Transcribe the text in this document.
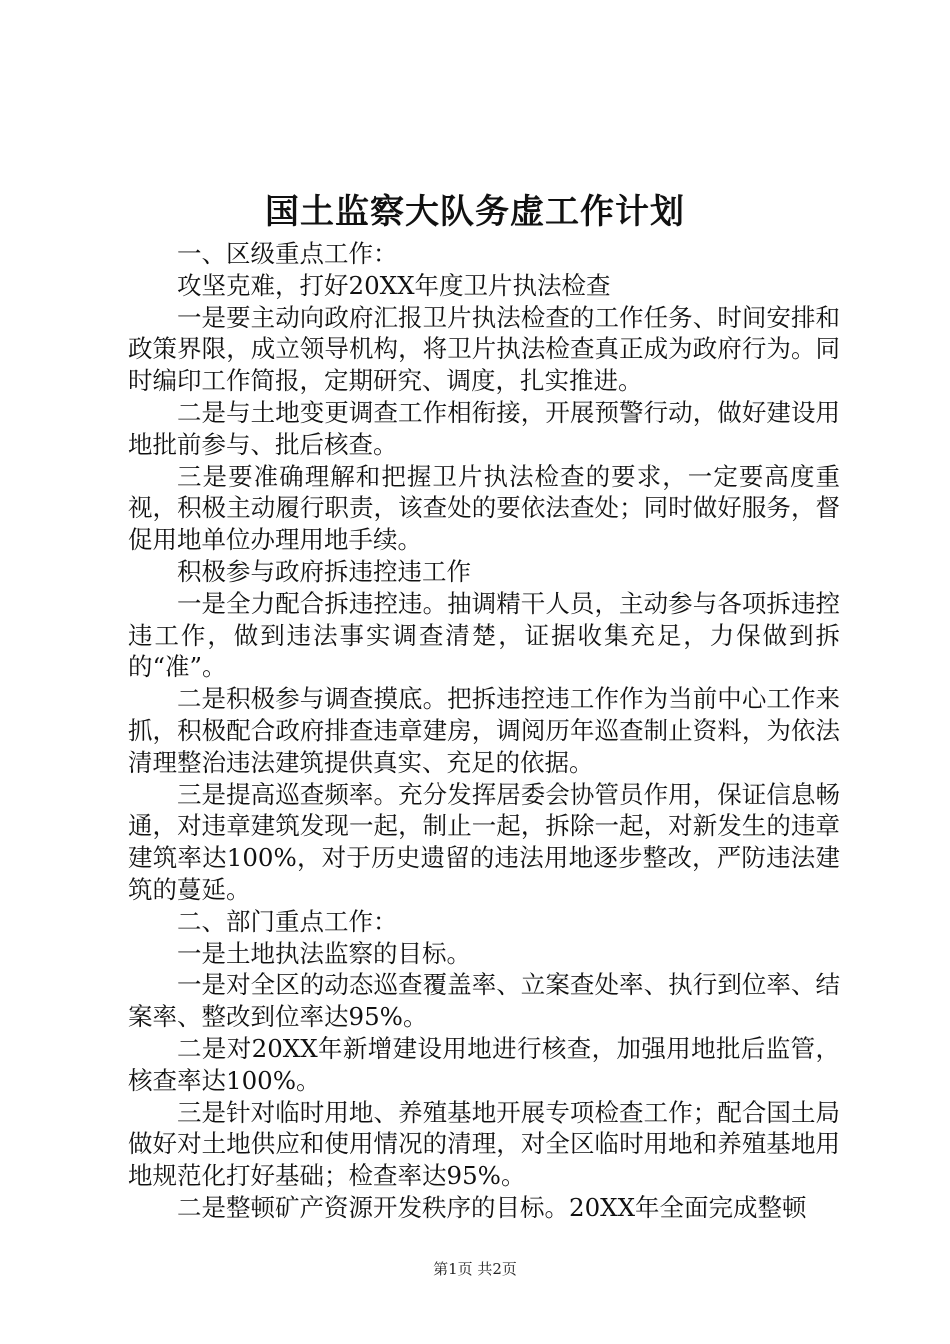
国土监察大队务虚工作计划

一、区级重点工作：

攻坚克难，打好20XX年度卫片执法检查

一是要主动向政府汇报卫片执法检查的工作任务、时间安排和政策界限，成立领导机构，将卫片执法检查真正成为政府行为。同时编印工作简报，定期研究、调度，扎实推进。

二是与土地变更调查工作相衔接，开展预警行动，做好建设用地批前参与、批后核查。

三是要准确理解和把握卫片执法检查的要求，一定要高度重视，积极主动履行职责，该查处的要依法查处；同时做好服务，督促用地单位办理用地手续。

积极参与政府拆违控违工作

一是全力配合拆违控违。抽调精干人员，主动参与各项拆违控违工作，做到违法事实调查清楚，证据收集充足，力保做到拆的“准”。

二是积极参与调查摸底。把拆违控违工作作为当前中心工作来抓，积极配合政府排查违章建房，调阅历年巡查制止资料，为依法清理整治违法建筑提供真实、充足的依据。

三是提高巡查频率。充分发挥居委会协管员作用，保证信息畅通，对违章建筑发现一起，制止一起，拆除一起，对新发生的违章建筑率达100%，对于历史遗留的违法用地逐步整改，严防违法建筑的蔓延。

二、部门重点工作：

一是土地执法监察的目标。

一是对全区的动态巡查覆盖率、立案查处率、执行到位率、结案率、整改到位率达95%。

二是对20XX年新增建设用地进行核查，加强用地批后监管，核查率达100%。

三是针对临时用地、养殖基地开展专项检查工作；配合国土局做好对土地供应和使用情况的清理，对全区临时用地和养殖基地用地规范化打好基础；检查率达95%。

二是整顿矿产资源开发秩序的目标。20XX年全面完成整顿

第1页 共2页
